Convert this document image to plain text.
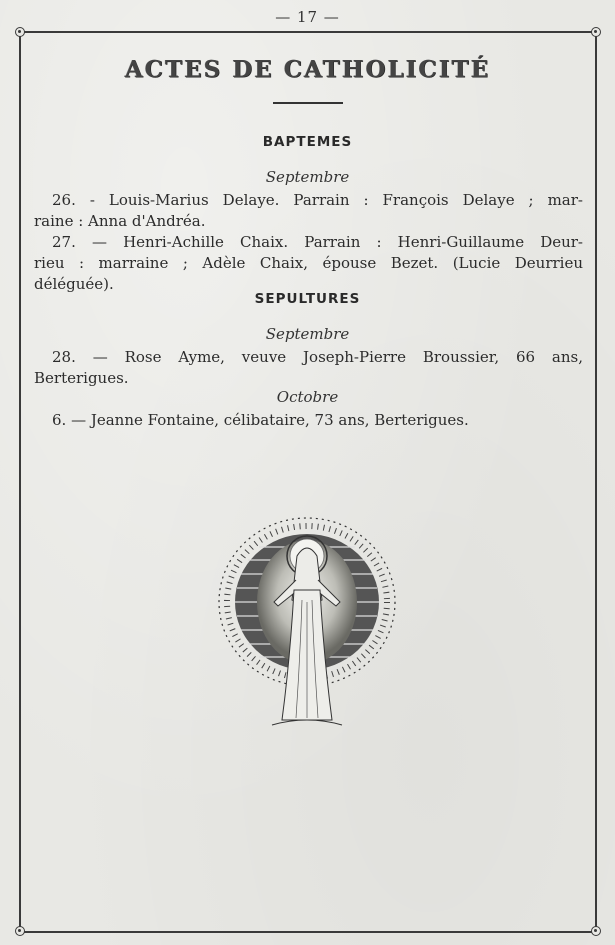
— 17 —
ACTES DE CATHOLICITÉ
BAPTEMES
Septembre
26. - Louis-Marius Delaye. Parrain : François Delaye ; mar-
raine : Anna d'Andréa.
27. — Henri-Achille Chaix. Parrain : Henri-Guillaume Deur-
rieu : marraine ; Adèle Chaix, épouse Bezet. (Lucie Deurrieu
déléguée).
SEPULTURES
Septembre
28. — Rose Ayme, veuve Joseph-Pierre Broussier, 66 ans,
Berterigues.
Octobre
6. — Jeanne Fontaine, célibataire, 73 ans, Berterigues.
